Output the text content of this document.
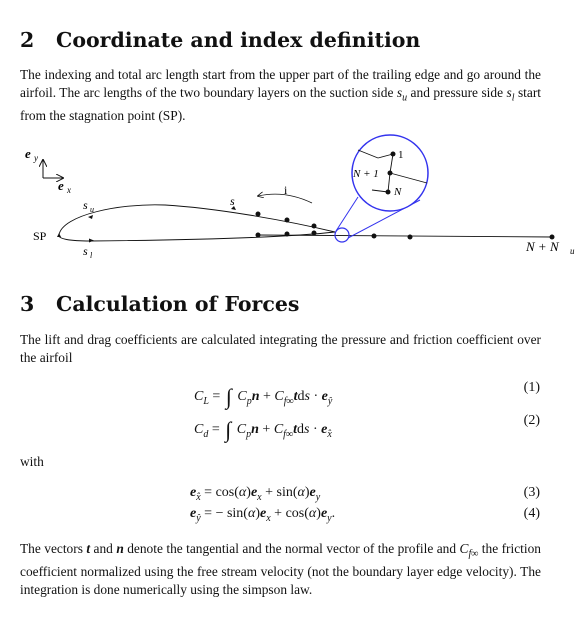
2 Coordinate and index definition
The indexing and total arc length start from the upper part of the trailing edge and go around the airfoil. The arc lengths of the two boundary layers on the suction side $s_u$ and pressure side $s_l$ start from the stagnation point (SP).
e y
e x
s u
s l
s
i
SP
N + N u
1
N + 1
N
3 Calculation of Forces
The lift and drag coefficients are calculated integrating the pressure and friction coefficient over the airfoil
$C_L$ = ∫ $C_pn + C_{f\infty}tds \cdot e_ŷ$
(1)
$C_d$ = ∫ $C_pn + C_{f\infty}tds \cdot e_{x̂}$
(2)
with
$e_{x̂} = \cos(\alpha)e_x + \sin(\alpha)e_y$	(3)
$e_ŷ$ = − $\sin(\alpha)e_x + \cos(\alpha)e_y$.	(4)
The vectors t and n denote the tangential and the normal vector of the profile and $C_{f\infty}$ the friction coefficient normalized using the free stream velocity (not the boundary layer edge velocity). The integration is done numerically using the simpson law.
